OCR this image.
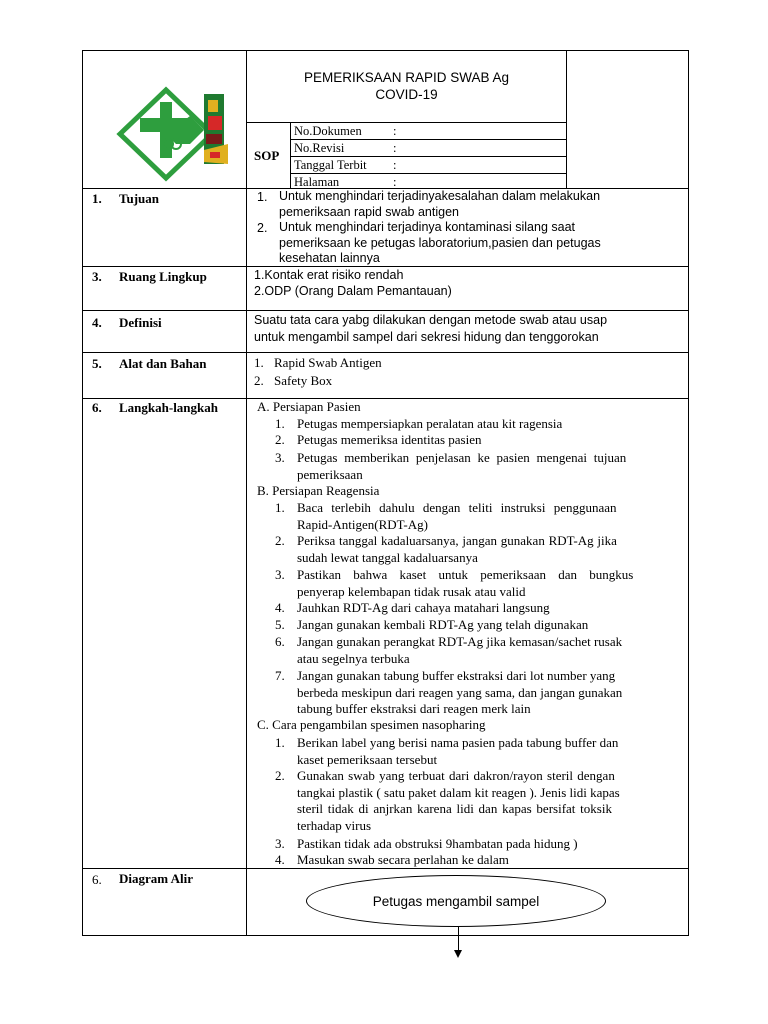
PEMERIKSAAN RAPID SWAB Ag
COVID-19
SOP
No.Dokumen	:
No.Revisi	:
Tanggal Terbit :
Halaman	:
1. Tujuan	1. Untuk menghindari terjadinyakesalahan dalam melakukan
pemeriksaan rapid swab antigen
2. Untuk menghindari terjadinya kontaminasi silang saat
pemeriksaan ke petugas laboratorium,pasien dan petugas
kesehatan lainnya
3. Ruang Lingkup	1.Kontak erat risiko rendah
2.ODP (Orang Dalam Pemantauan)
4. Definisi	Suatu tata cara yabg dilakukan dengan metode swab atau usap
untuk mengambil sampel dari sekresi hidung dan tenggorokan
5. Alat dan Bahan	1. Rapid Swab Antigen
2. Safety Box
6. Langkah-langkah	A. Persiapan Pasien
1. Petugas mempersiapkan peralatan atau kit ragensia
2. Petugas memeriksa identitas pasien
3. Petugas memberikan penjelasan ke pasien mengenai tujuan
pemeriksaan
B. Persiapan Reagensia
1. Baca terlebih dahulu dengan teliti instruksi penggunaan
Rapid-Antigen(RDT-Ag)
2. Periksa tanggal kadaluarsanya, jangan gunakan RDT-Ag jika
sudah lewat tanggal kadaluarsanya
3. Pastikan bahwa kaset untuk pemeriksaan dan bungkus
penyerap kelembapan tidak rusak atau valid
4. Jauhkan RDT-Ag dari cahaya matahari langsung
5. Jangan gunakan kembali RDT-Ag yang telah digunakan
6. Jangan gunakan perangkat RDT-Ag jika kemasan/sachet rusak
atau segelnya terbuka
7. Jangan gunakan tabung buffer ekstraksi dari lot number yang
berbeda meskipun dari reagen yang sama, dan jangan gunakan
tabung buffer ekstraksi dari reagen merk lain
C. Cara pengambilan spesimen nasopharing
1. Berikan label yang berisi nama pasien pada tabung buffer dan
kaset pemeriksaan tersebut
2. Gunakan swab yang terbuat dari dakron/rayon steril dengan
tangkai plastik ( satu paket dalam kit reagen ). Jenis lidi kapas
steril tidak di anjrkan karena lidi dan kapas bersifat toksik
terhadap virus
3. Pastikan tidak ada obstruksi 9hambatan pada hidung )
4. Masukan swab secara perlahan ke dalam
6. Diagram Alir
Petugas mengambil sampel
